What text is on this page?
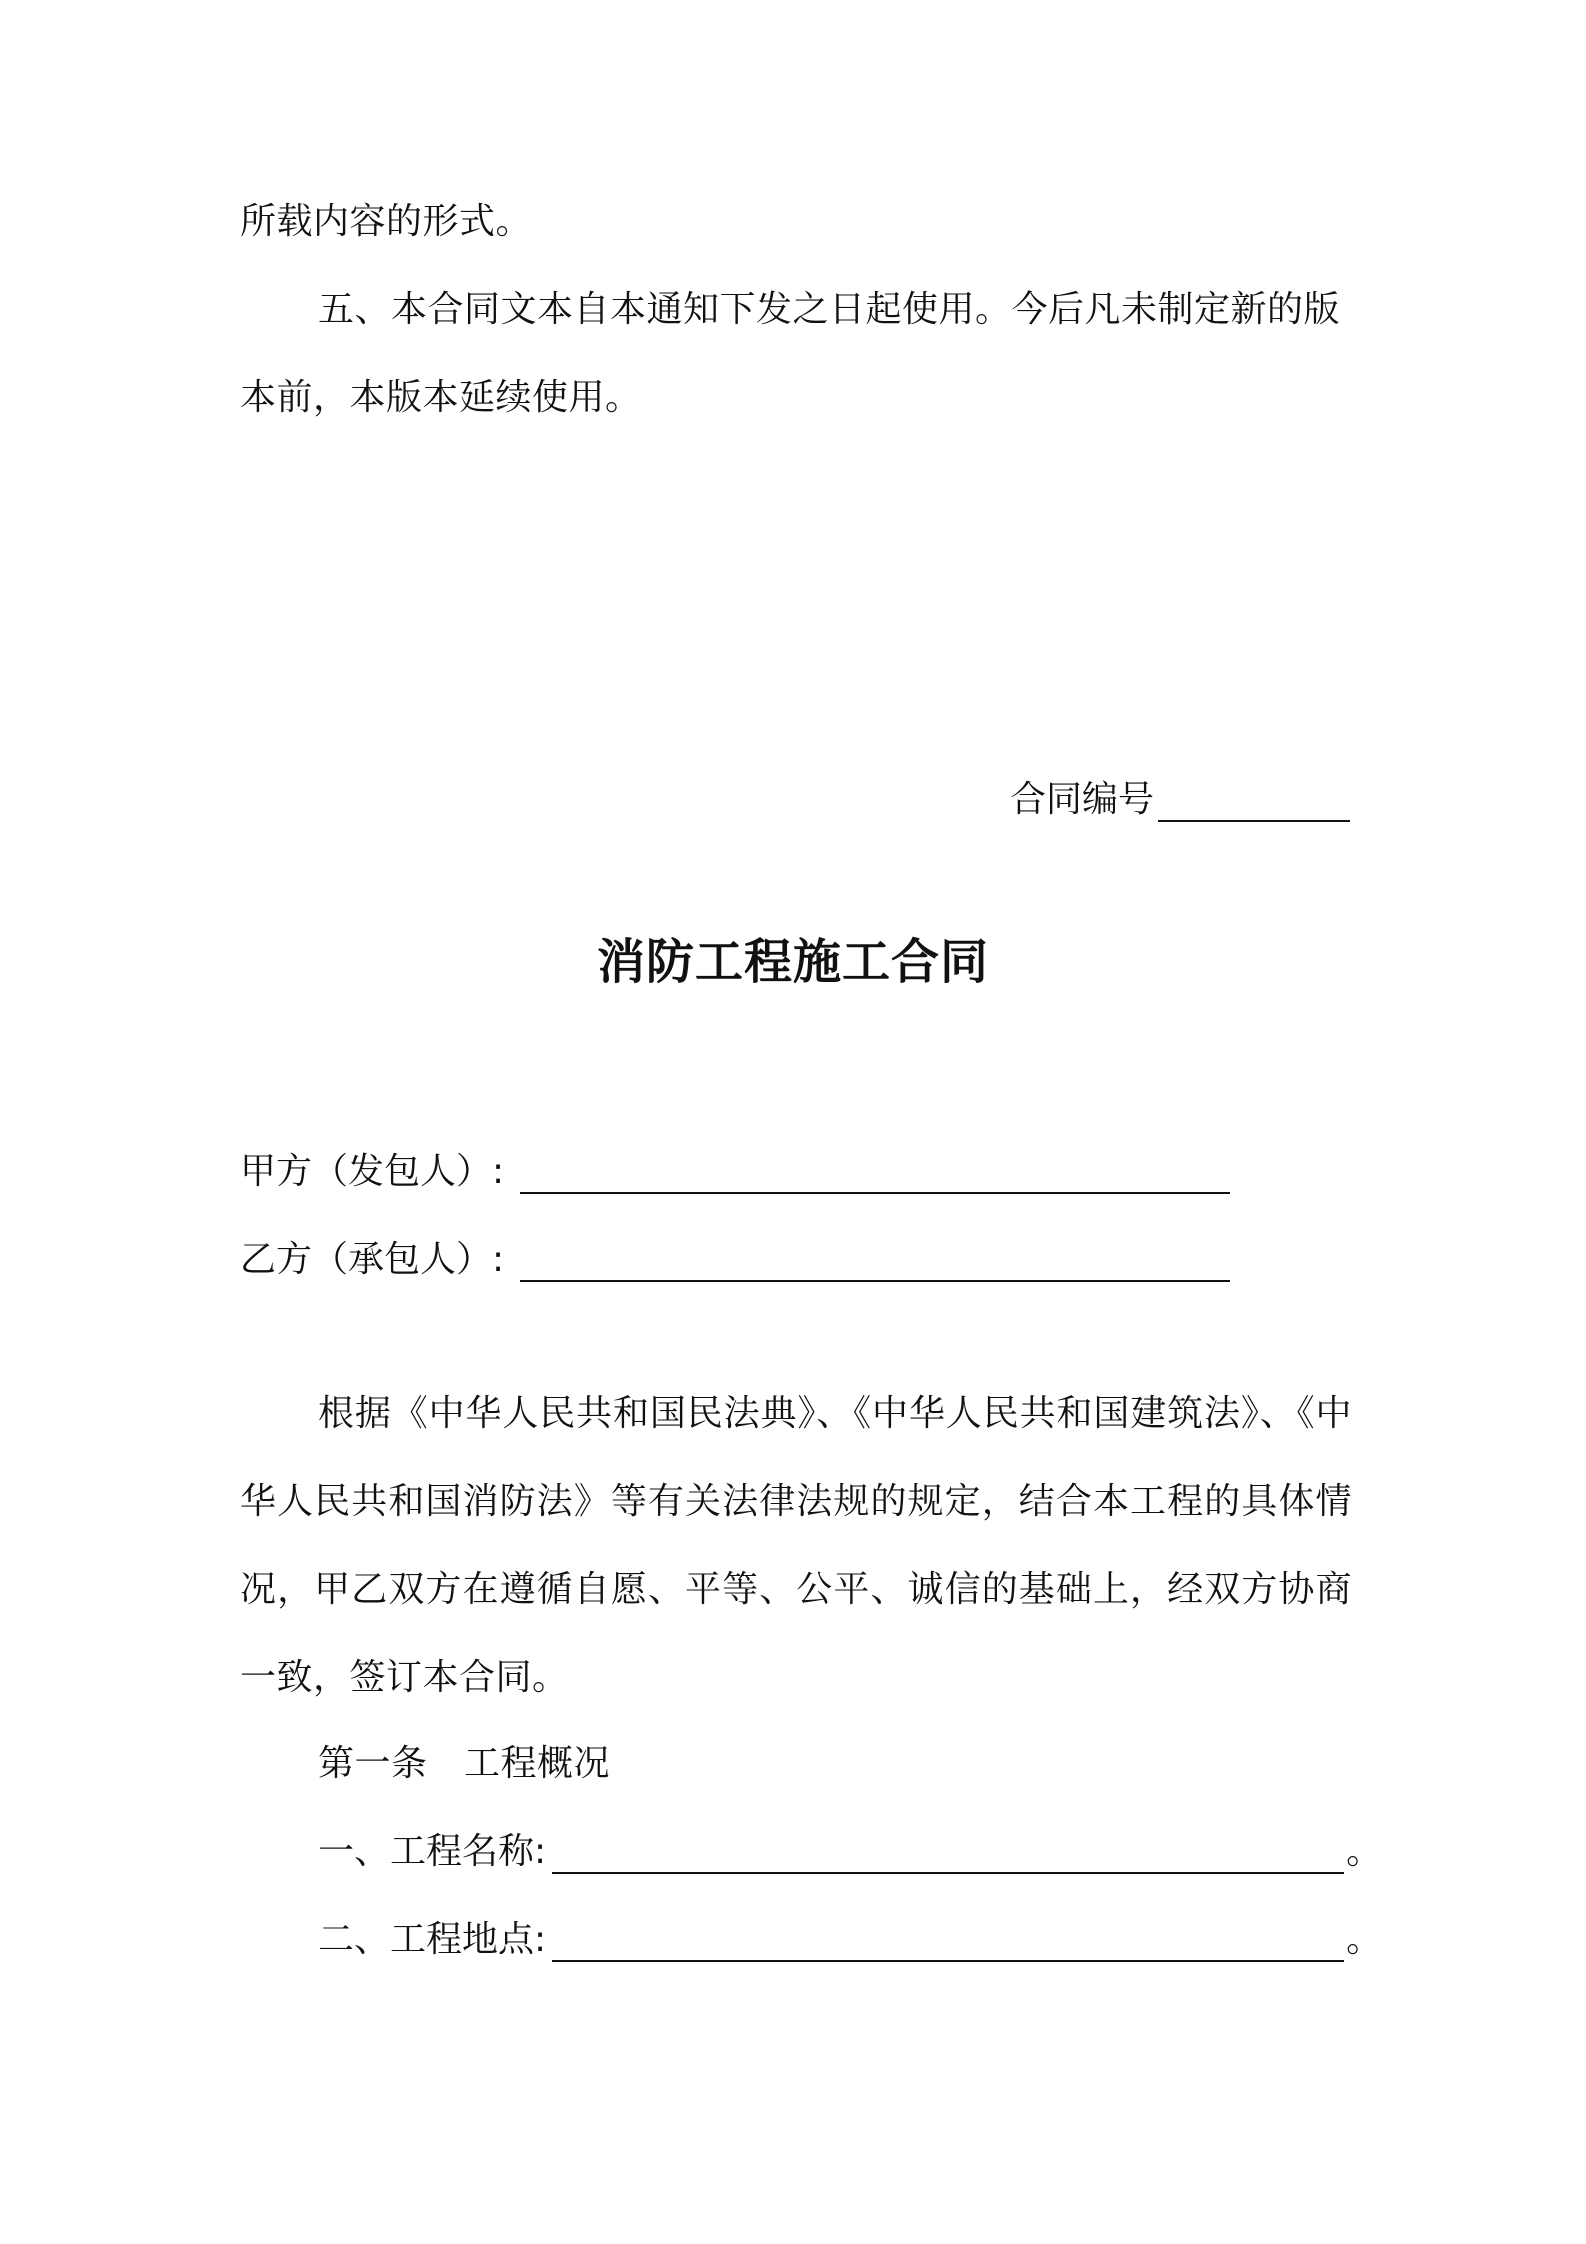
所载内容的形式。
五、本合同文本自本通知下发之日起使用。今后凡未制定新的版
本前，本版本延续使用。
合同编号
消防工程施工合同
甲方（发包人）:
乙方（承包人）:
根据《中华人民共和国民法典》、《中华人民共和国建筑法》、《中
华人民共和国消防法》等有关法律法规的规定，结合本工程的具体情
况，甲乙双方在遵循自愿、平等、公平、诚信的基础上，经双方协商
一致，签订本合同。
第一条　工程概况
一、工程名称:	。
二、工程地点:	。
